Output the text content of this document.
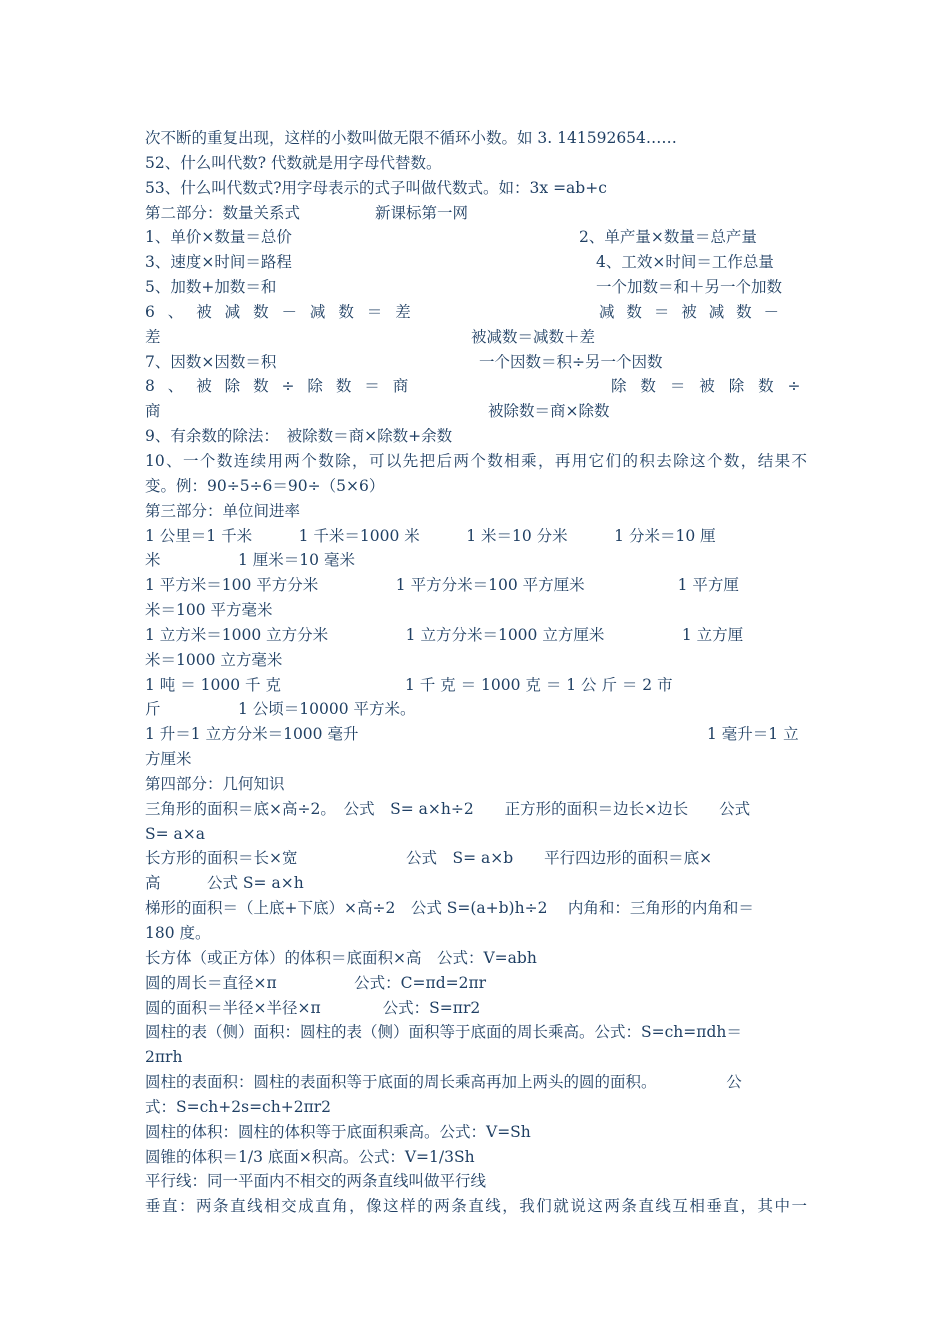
次不断的重复出现，这样的小数叫做无限不循环小数。如 3. 141592654……
52、什么叫代数? 代数就是用字母代替数。
53、什么叫代数式?用字母表示的式子叫做代数式。如：3x =ab+c
第二部分：数量关系式	新课标第一网
1、单价×数量＝总价	2、单产量×数量＝总产量
3、速度×时间＝路程	4、工效×时间＝工作总量
5、加数+加数＝和	一个加数＝和＋另一个加数
6 、 被 减 数 － 减 数 ＝ 差	减 数 ＝ 被 减 数 －
差	被减数＝减数＋差
7、因数×因数＝积	一个因数＝积÷另一个因数
8 、 被 除 数 ÷ 除 数 ＝ 商	除 数 ＝ 被 除 数 ÷
商	被除数＝商×除数
9、有余数的除法：　被除数＝商×除数+余数
10、一个数连续用两个数除，可以先把后两个数相乘，再用它们的积去除这个数，结果不
变。例：90÷5÷6＝90÷（5×6）
第三部分：单位间进率
1 公里＝1 千米　　　1 千米＝1000 米　　　1 米＝10 分米　　　1 分米＝10 厘
米　　　　　1 厘米＝10 毫米
1 平方米＝100 平方分米　　　　　1 平方分米＝100 平方厘米　　　　　　1 平方厘
米＝100 平方毫米
1 立方米＝1000 立方分米　　　　　1 立方分米＝1000 立方厘米　　　　　1 立方厘
米＝1000 立方毫米
1 吨 ＝ 1000 千 克　　　　　　　　1 千 克 ＝ 1000 克 ＝ 1 公 斤 ＝ 2 市
斤　　　　　1 公顷＝10000 平方米。
1 升＝1 立方分米＝1000 毫升	1 毫升＝1 立
方厘米
第四部分：几何知识
三角形的面积＝底×高÷2。　公式　S= a×h÷2　　正方形的面积＝边长×边长　　公式
S= a×a
长方形的面积＝长×宽　　　　　　　公式　S= a×b　　平行四边形的面积＝底×
高　　　公式 S= a×h
梯形的面积＝（上底+下底）×高÷2　公式 S=(a+b)h÷2　 内角和：三角形的内角和＝
180 度。
长方体（或正方体）的体积＝底面积×高　公式：V=abh
圆的周长＝直径×π　　　　　公式：C=πd=2πr
圆的面积＝半径×半径×π　　　　公式：S=πr2
圆柱的表（侧）面积：圆柱的表（侧）面积等于底面的周长乘高。公式：S=ch=πdh＝
2πrh
圆柱的表面积：圆柱的表面积等于底面的周长乘高再加上两头的圆的面积。　　　　　公
式：S=ch+2s=ch+2πr2
圆柱的体积：圆柱的体积等于底面积乘高。公式：V=Sh
圆锥的体积＝1/3 底面×积高。公式：V=1/3Sh
平行线：同一平面内不相交的两条直线叫做平行线
垂直：两条直线相交成直角，像这样的两条直线，我们就说这两条直线互相垂直，其中一
